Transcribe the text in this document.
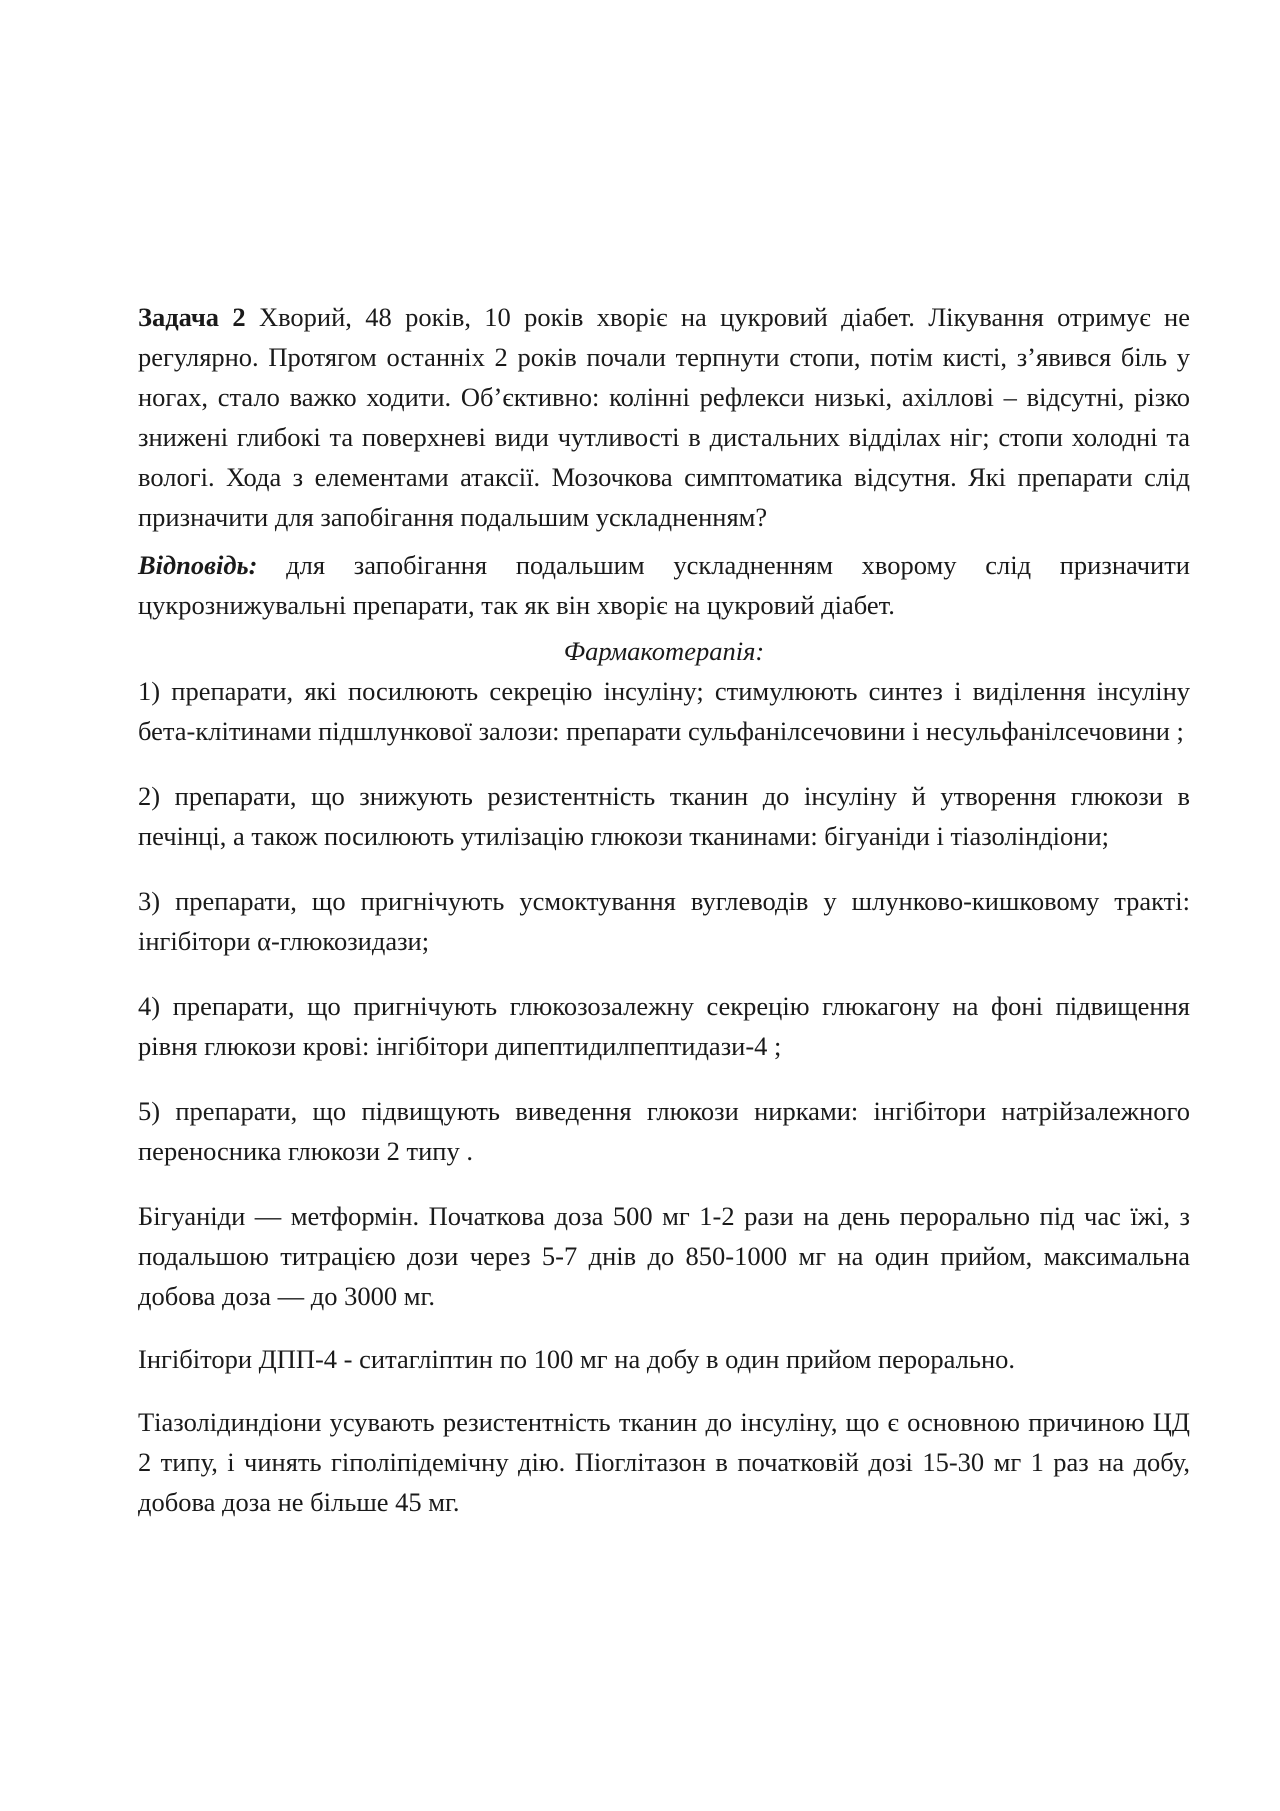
Задача 2 Хворий, 48 років, 10 років хворіє на цукровий діабет. Лікування отримує не регулярно. Протягом останніх 2 років почали терпнути стопи, потім кисті, з’явився біль у ногах, стало важко ходити. Об’єктивно: колінні рефлекси низькі, ахіллові – відсутні, різко знижені глибокі та поверхневі види чутливості в дистальних відділах ніг; стопи холодні та вологі. Хода з елементами атаксії. Мозочкова симптоматика відсутня. Які препарати слід призначити для запобігання подальшим ускладненням?

Відповідь: для запобігання подальшим ускладненням хворому слід призначити цукрознижувальні препарати, так як він хворіє на цукровий діабет.

Фармакотерапія:

1) препарати, які посилюють секрецію інсуліну; стимулюють синтез і виділення інсуліну бета-клітинами підшлункової залози: препарати сульфанілсечовини і несульфанілсечовини ;

2) препарати, що знижують резистентність тканин до інсуліну й утворення глюкози в печінці, а також посилюють утилізацію глюкози тканинами: бігуаніди і тіазоліндіони;

3) препарати, що пригнічують усмоктування вуглеводів у шлунково-кишковому тракті: інгібітори α-глюкозидази;

4) препарати, що пригнічують глюкозозалежну секрецію глюкагону на фоні підвищення рівня глюкози крові: інгібітори дипептидилпептидази-4 ;

5) препарати, що підвищують виведення глюкози нирками: інгібітори натрійзалежного переносника глюкози 2 типу .

Бігуаніди — метформін. Початкова доза 500 мг 1-2 рази на день перорально під час їжі, з подальшою титрацією дози через 5-7 днів до 850-1000 мг на один прийом, максимальна добова доза — до 3000 мг.

Інгібітори ДПП-4 - ситагліптин по 100 мг на добу в один прийом перорально.

Тіазолідиндіони усувають резистентність тканин до інсуліну, що є основною причиною ЦД 2 типу, і чинять гіполіпідемічну дію. Піоглітазон в початковій дозі 15-30 мг 1 раз на добу, добова доза не більше 45 мг.
